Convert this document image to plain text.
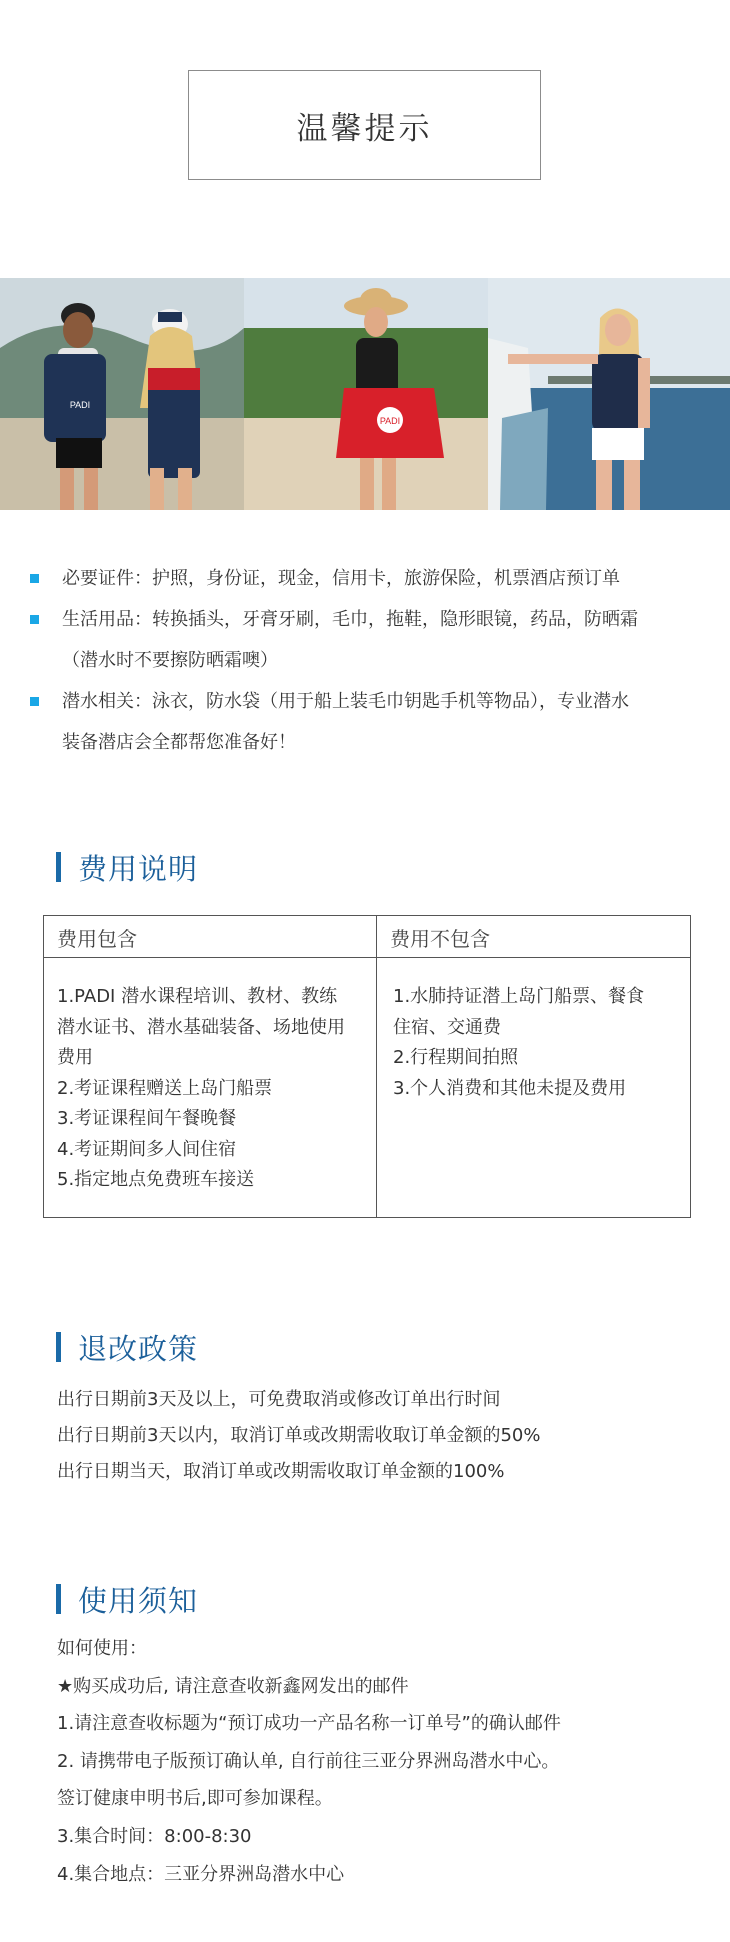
温馨提示
PADI
PADI
必要证件：护照，身份证，现金，信用卡，旅游保险，机票酒店预订单
生活用品：转换插头，牙膏牙刷，毛巾，拖鞋，隐形眼镜，药品，防晒霜
（潜水时不要擦防晒霜噢）
潜水相关：泳衣，防水袋（用于船上装毛巾钥匙手机等物品），专业潜水
装备潜店会全都帮您准备好！
费用说明
费用包含	费用不包含
1.PADI 潜水课程培训、教材、教练
潜水证书、潜水基础装备、场地使用
费用
2.考证课程赠送上岛门船票
3.考证课程间午餐晚餐
4.考证期间多人间住宿
5.指定地点免费班车接送
1.水肺持证潜上岛门船票、餐食
住宿、交通费
2.行程期间拍照
3.个人消费和其他未提及费用
退改政策
出行日期前3天及以上，可免费取消或修改订单出行时间
出行日期前3天以内，取消订单或改期需收取订单金额的50%
出行日期当天，取消订单或改期需收取订单金额的100%
使用须知
如何使用：
★购买成功后, 请注意查收新鑫网发出的邮件
1.请注意查收标题为“预订成功一产品名称一订单号”的确认邮件
2. 请携带电子版预订确认单, 自行前往三亚分界洲岛潜水中心。
签订健康申明书后,即可参加课程。
3.集合时间：8:00-8:30
4.集合地点：三亚分界洲岛潜水中心
